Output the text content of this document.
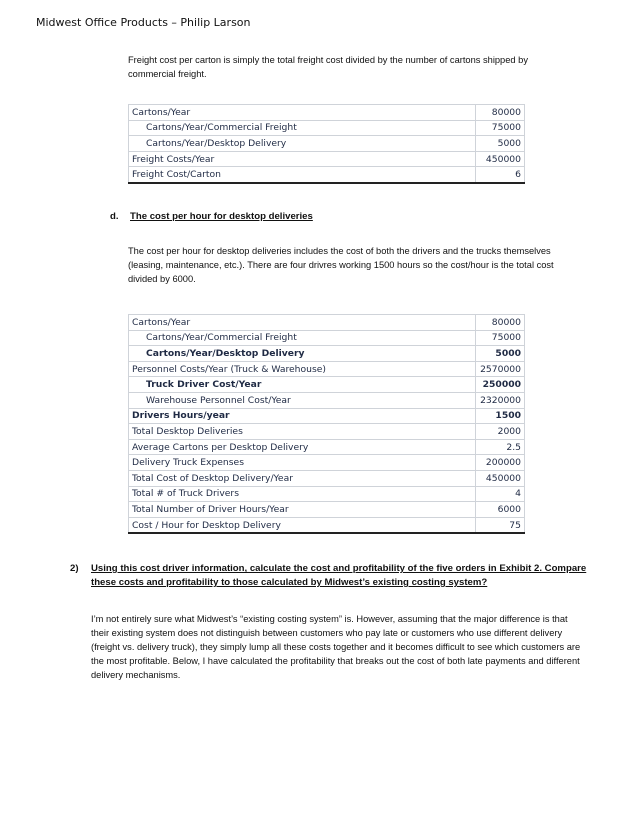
Midwest Office Products – Philip Larson
Freight cost per carton is simply the total freight cost divided by the number of cartons shipped by commercial freight.
Cartons/Year	80000
Cartons/Year/Commercial Freight	75000
Cartons/Year/Desktop Delivery	5000
Freight Costs/Year	450000
Freight Cost/Carton	6
d. The cost per hour for desktop deliveries
The cost per hour for desktop deliveries includes the cost of both the drivers and the trucks themselves (leasing, maintenance, etc.). There are four drivres working 1500 hours so the cost/hour is the total cost divided by 6000.
Cartons/Year	80000
Cartons/Year/Commercial Freight	75000
Cartons/Year/Desktop Delivery	5000
Personnel Costs/Year (Truck & Warehouse)	2570000
Truck Driver Cost/Year	250000
Warehouse Personnel Cost/Year	2320000
Drivers Hours/year	1500
Total Desktop Deliveries	2000
Average Cartons per Desktop Delivery	2.5
Delivery Truck Expenses	200000
Total Cost of Desktop Delivery/Year	450000
Total # of Truck Drivers	4
Total Number of Driver Hours/Year	6000
Cost / Hour for Desktop Delivery	75
2) Using this cost driver information, calculate the cost and profitability of the five orders in Exhibit 2. Compare these costs and profitability to those calculated by Midwest’s existing costing system?
I’m not entirely sure what Midwest’s “existing costing system” is. However, assuming that the major difference is that their existing system does not distinguish between customers who pay late or customers who use different delivery (freight vs. delivery truck), they simply lump all these costs together and it becomes difficult to see which customers are the most profitable. Below, I have calculated the profitability that breaks out the cost of both late payments and different delivery mechanisms.
